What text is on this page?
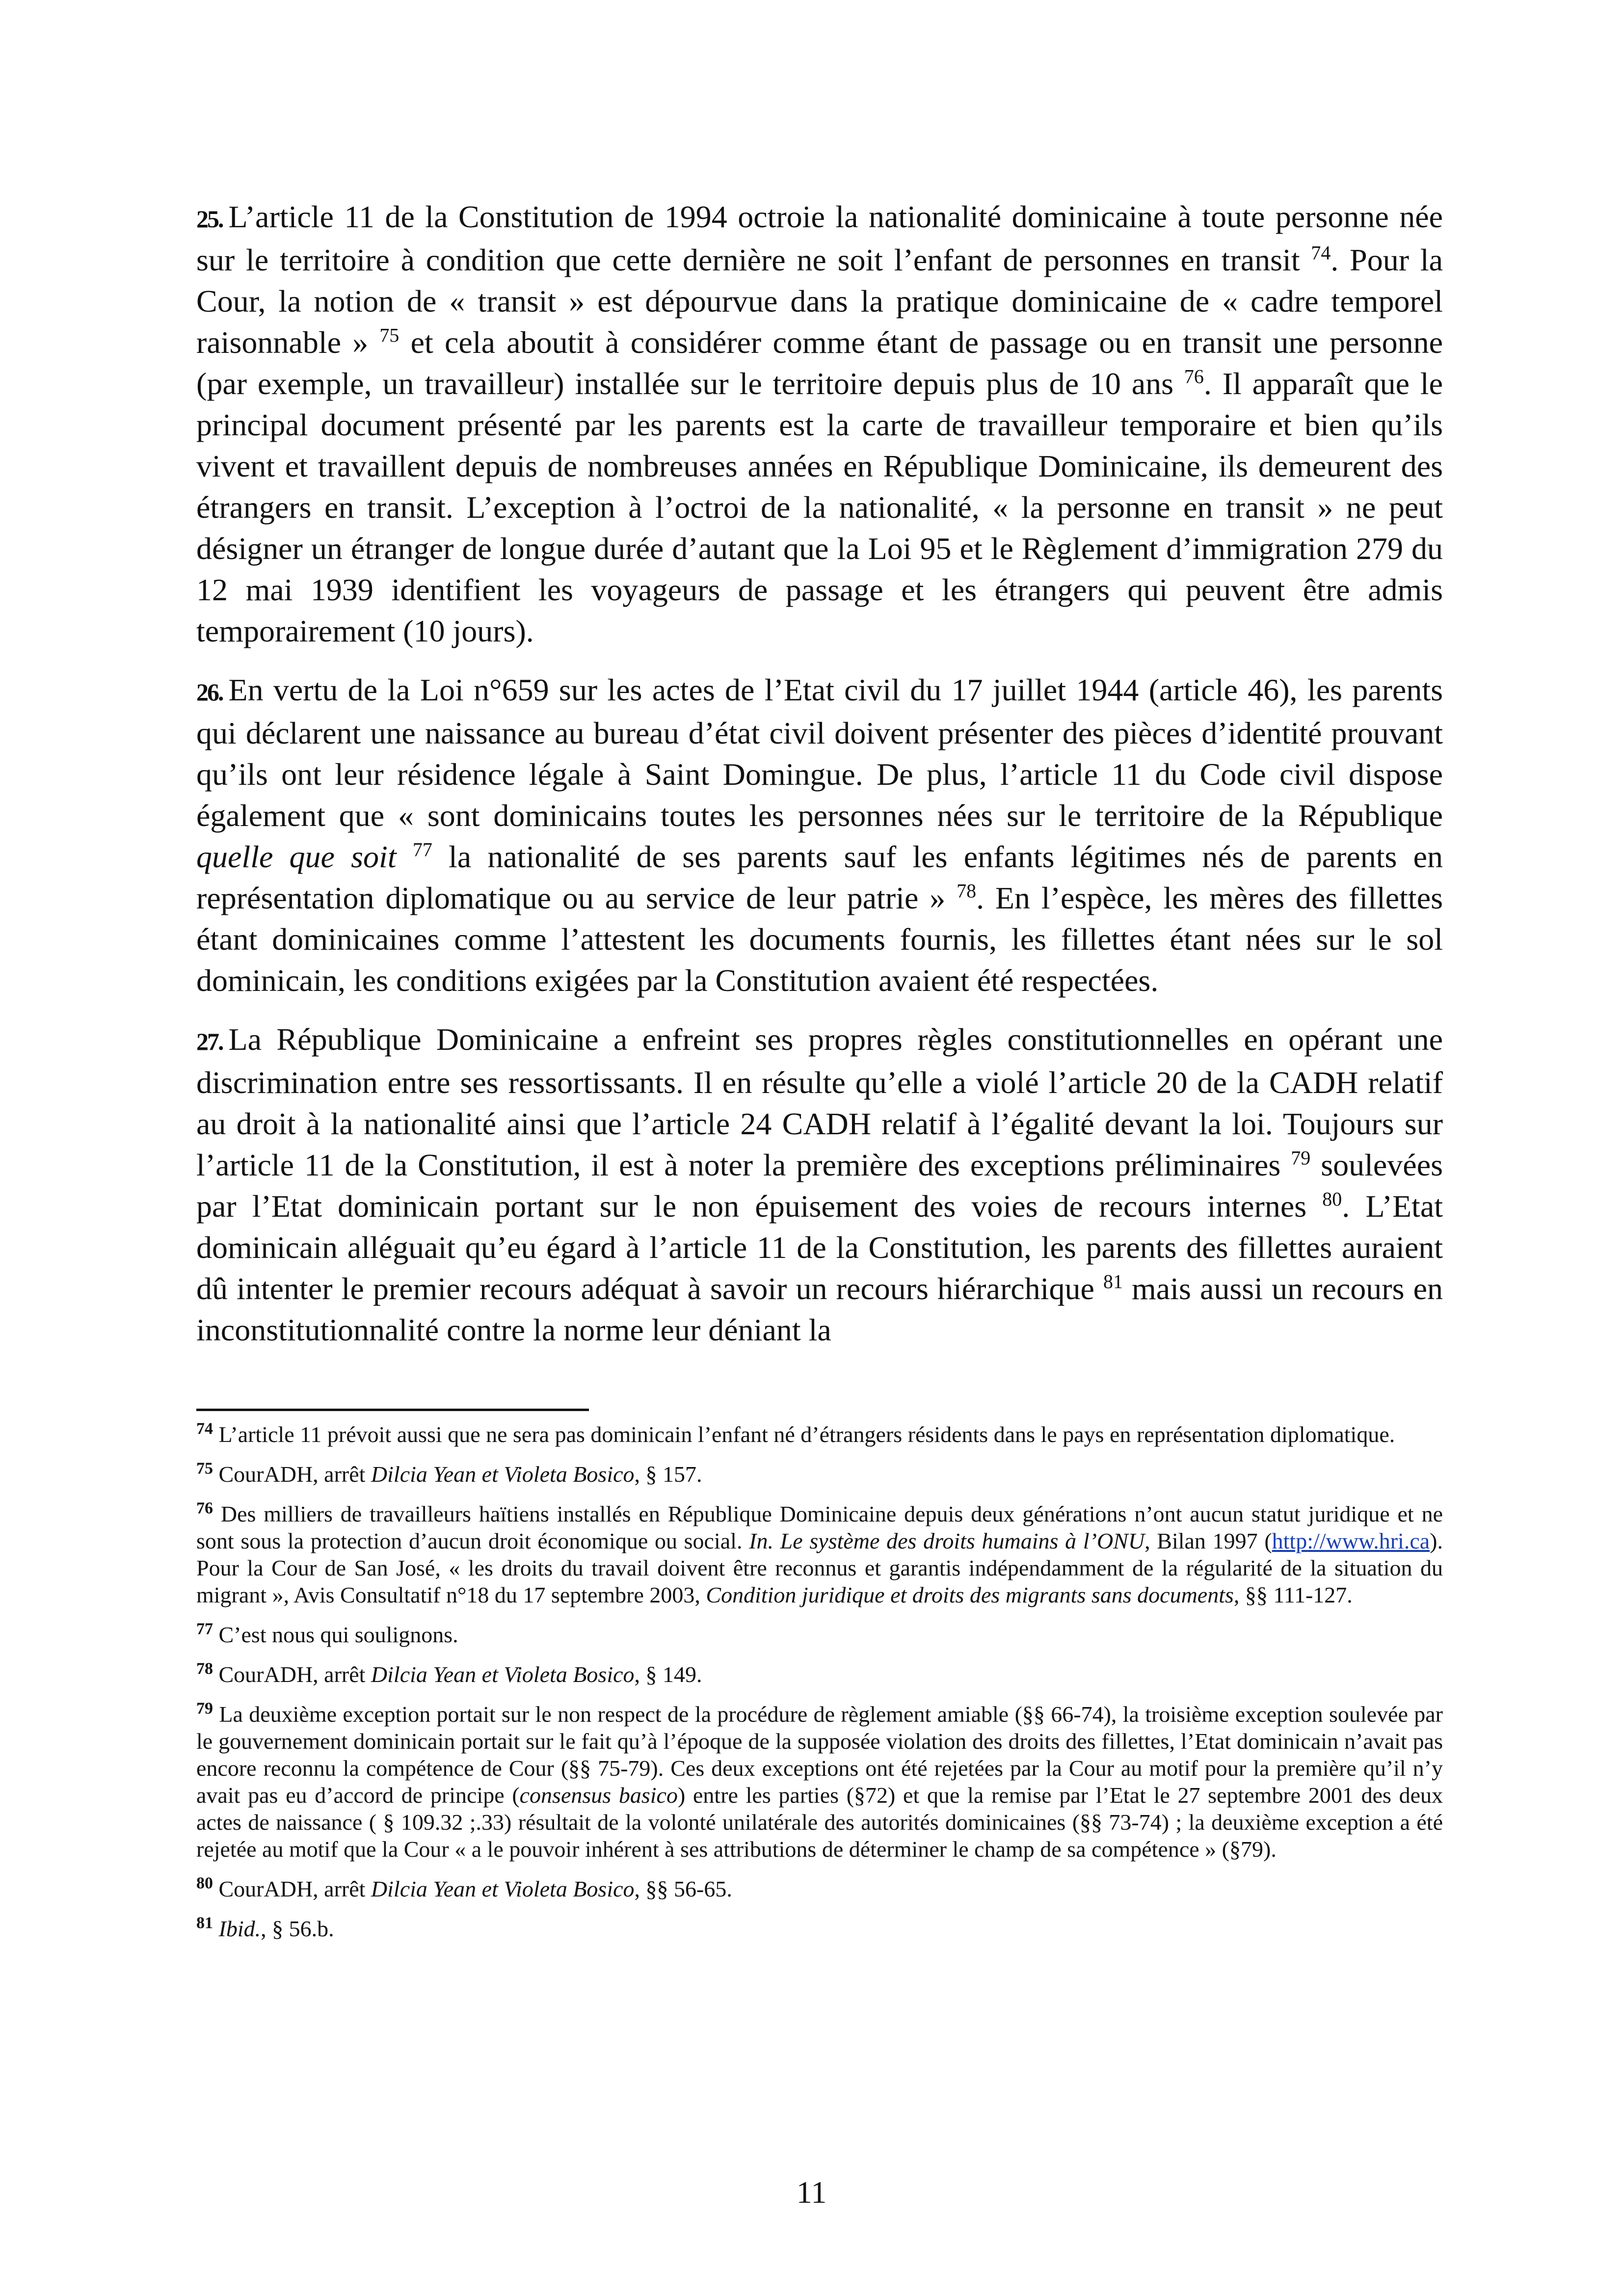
25. L’article 11 de la Constitution de 1994 octroie la nationalité dominicaine à toute personne née sur le territoire à condition que cette dernière ne soit l’enfant de personnes en transit $^{74}$. Pour la Cour, la notion de « transit » est dépourvue dans la pratique dominicaine de « cadre temporel raisonnable » $^{75}$ et cela aboutit à considérer comme étant de passage ou en transit une personne (par exemple, un travailleur) installée sur le territoire depuis plus de 10 ans $^{76}$. Il apparaît que le principal document présenté par les parents est la carte de travailleur temporaire et bien qu’ils vivent et travaillent depuis de nombreuses années en République Dominicaine, ils demeurent des étrangers en transit. L’exception à l’octroi de la nationalité, « la personne en transit » ne peut désigner un étranger de longue durée d’autant que la Loi 95 et le Règlement d’immigration 279 du 12 mai 1939 identifient les voyageurs de passage et les étrangers qui peuvent être admis temporairement (10 jours).

26. En vertu de la Loi n°659 sur les actes de l’Etat civil du 17 juillet 1944 (article 46), les parents qui déclarent une naissance au bureau d’état civil doivent présenter des pièces d’identité prouvant qu’ils ont leur résidence légale à Saint Domingue. De plus, l’article 11 du Code civil dispose également que « sont dominicains toutes les personnes nées sur le territoire de la République quelle que soit $^{77}$ la nationalité de ses parents sauf les enfants légitimes nés de parents en représentation diplomatique ou au service de leur patrie » $^{78}$. En l’espèce, les mères des fillettes étant dominicaines comme l’attestent les documents fournis, les fillettes étant nées sur le sol dominicain, les conditions exigées par la Constitution avaient été respectées.

27. La République Dominicaine a enfreint ses propres règles constitutionnelles en opérant une discrimination entre ses ressortissants. Il en résulte qu’elle a violé l’article 20 de la CADH relatif au droit à la nationalité ainsi que l’article 24 CADH relatif à l’égalité devant la loi. Toujours sur l’article 11 de la Constitution, il est à noter la première des exceptions préliminaires $^{79}$ soulevées par l’Etat dominicain portant sur le non épuisement des voies de recours internes $^{80}$. L’Etat dominicain alléguait qu’eu égard à l’article 11 de la Constitution, les parents des fillettes auraient dû intenter le premier recours adéquat à savoir un recours hiérarchique $^{81}$ mais aussi un recours en inconstitutionnalité contre la norme leur déniant la

$^{74}$ L’article 11 prévoit aussi que ne sera pas dominicain l’enfant né d’étrangers résidents dans le pays en représentation diplomatique.

$^{75}$ CourADH, arrêt Dilcia Yean et Violeta Bosico, § 157.

$^{76}$ Des milliers de travailleurs haïtiens installés en République Dominicaine depuis deux générations n’ont aucun statut juridique et ne sont sous la protection d’aucun droit économique ou social. In. Le système des droits humains à l’ONU, Bilan 1997 (http://www.hri.ca). Pour la Cour de San José, « les droits du travail doivent être reconnus et garantis indépendamment de la régularité de la situation du migrant », Avis Consultatif n°18 du 17 septembre 2003, Condition juridique et droits des migrants sans documents, §§ 111-127.

$^{77}$ C’est nous qui soulignons.

$^{78}$ CourADH, arrêt Dilcia Yean et Violeta Bosico, § 149.

$^{79}$ La deuxième exception portait sur le non respect de la procédure de règlement amiable (§§ 66-74), la troisième exception soulevée par le gouvernement dominicain portait sur le fait qu’à l’époque de la supposée violation des droits des fillettes, l’Etat dominicain n’avait pas encore reconnu la compétence de Cour (§§ 75-79). Ces deux exceptions ont été rejetées par la Cour au motif pour la première qu’il n’y avait pas eu d’accord de principe (consensus basico) entre les parties (§72) et que la remise par l’Etat le 27 septembre 2001 des deux actes de naissance ( § 109.32 ;.33) résultait de la volonté unilatérale des autorités dominicaines (§§ 73-74) ; la deuxième exception a été rejetée au motif que la Cour « a le pouvoir inhérent à ses attributions de déterminer le champ de sa compétence » (§79).

$^{80}$ CourADH, arrêt Dilcia Yean et Violeta Bosico, §§ 56-65.

$^{81}$ Ibid., § 56.b.

11
